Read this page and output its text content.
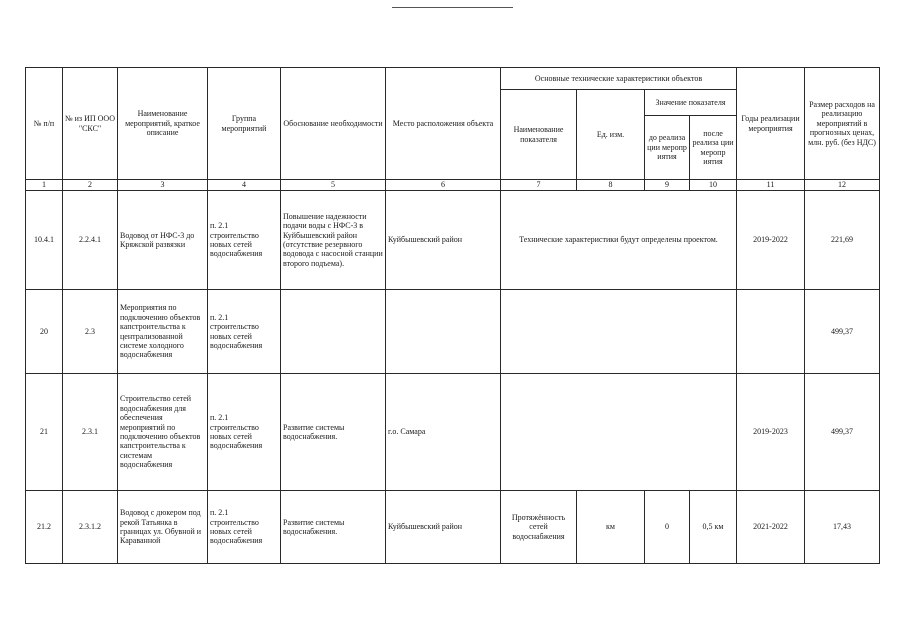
№ п/п	№ из ИП ООО "СКС"	Наименование мероприятий, краткое описание	Группа мероприятий	Обоснование необходимости	Место расположения объекта	Основные технические характеристики объектов				Годы реализации мероприятия	Размер расходов на реализацию мероприятий в прогнозных ценах, млн. руб. (без НДС)
						Наименование показателя	Ед. изм.	Значение показателя			
								до реализа ции меропр иятия	после реализа ции меропр иятия		
1	2	3	4	5	6	7	8	9	10	11	12
10.4.1	2.2.4.1	Водовод от НФС-3 до Кряжской развязки	п. 2.1 строительство новых сетей водоснабжения	Повышение надежности подачи воды с НФС-3 в Куйбышевский район (отсутствие резервного водовода с насосной станции второго подъема).	Куйбышевский район	Технические характеристики будут определены проектом.				2019-2022	221,69
20	2.3	Мероприятия по подключению объектов капстроительства к централизованной системе холодного водоснабжения	п. 2.1 строительство новых сетей водоснабжения								499,37
21	2.3.1	Строительство сетей водоснабжения для обеспечения мероприятий по подключению объектов капстроительства к системам водоснабжения	п. 2.1 строительство новых сетей водоснабжения	Развитие системы водоснабжения.	г.о. Самара					2019-2023	499,37
21.2	2.3.1.2	Водовод с дюкером под рекой Татьянка в границах ул. Обувной и Караванной	п. 2.1 строительство новых сетей водоснабжения	Развитие системы водоснабжения.	Куйбышевский район	Протяжённость сетей водоснабжения	км	0	0,5 км	2021-2022	17,43
